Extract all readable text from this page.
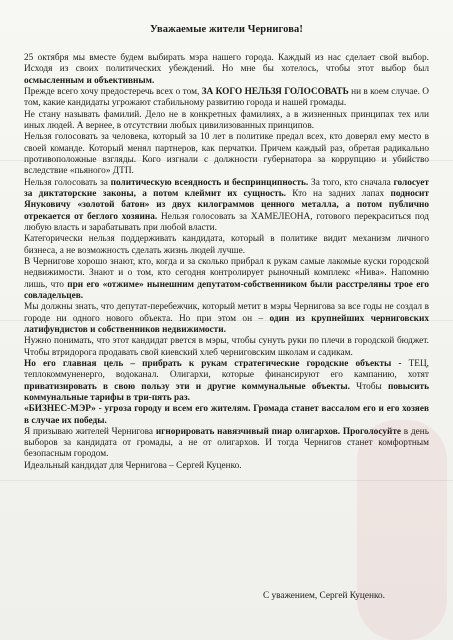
Уважаемые жители Чернигова!

25 октября мы вместе будем выбирать мэра нашего города. Каждый из нас сделает свой выбор. Исходя из своих политических убеждений. Но мне бы хотелось, чтобы этот выбор был осмысленным и объективным.

Прежде всего хочу предостеречь всех о том, ЗА КОГО НЕЛЬЗЯ ГОЛОСОВАТЬ ни в коем случае. О том, какие кандидаты угрожают стабильному развитию города и нашей громады.

Не стану называть фамилий. Дело не в конкретных фамилиях, а в жизненных принципах тех или иных людей. А вернее, в отсутствии любых цивилизованных принципов.

Нельзя голосовать за человека, который за 10 лет в политике предал всех, кто доверял ему место в своей команде. Который менял партнеров, как перчатки. Причем каждый раз, обретая радикально противоположные взгляды. Кого изгнали с должности губернатора за коррупцию и убийство вследствие «пьяного» ДТП.

Нельзя голосовать за политическую всеядность и беспринципность. За того, кто сначала голосует за диктаторские законы, а потом клеймит их сущность. Кто на задних лапах подносит Януковичу «золотой батон» из двух килограммов ценного металла, а потом публично отрекается от беглого хозяина. Нельзя голосовать за ХАМЕЛЕОНА, готового перекраситься под любую власть и зарабатывать при любой власти.

Категорически нельзя поддерживать кандидата, который в политике видит механизм личного бизнеса, а не возможность сделать жизнь людей лучше.

В Чернигове хорошо знают, кто, когда и за сколько прибрал к рукам самые лакомые куски городской недвижимости. Знают и о том, кто сегодня контролирует рыночный комплекс «Нива». Напомню лишь, что при его «отжиме» нынешним депутатом-собственником были расстреляны трое его совладельцев.

Мы должны знать, что депутат-перебежчик, который метит в мэры Чернигова за все годы не создал в городе ни одного нового объекта. Но при этом он – один из крупнейших черниговских латифундистов и собственников недвижимости.

Нужно понимать, что этот кандидат рвется в мэры, чтобы сунуть руки по плечи в городской бюджет. Чтобы втридорога продавать свой киевский хлеб черниговским школам и садикам.

Но его главная цель – прибрать к рукам стратегические городские объекты - ТЕЦ, теплокоммуненерго, водоканал. Олигархи, которые финансируют его кампанию, хотят приватизировать в свою пользу эти и другие коммунальные объекты. Чтобы повысить коммунальные тарифы в три-пять раз.

«БИЗНЕС-МЭР» - угроза городу и всем его жителям. Громада станет вассалом его и его хозяев в случае их победы.

Я призываю жителей Чернигова игнорировать навязчивый пиар олигархов. Проголосуйте в день выборов за кандидата от громады, а не от олигархов. И тогда Чернигов станет комфортным безопасным городом.

Идеальный кандидат для Чернигова – Сергей Куценко.

С уважением, Сергей Куценко.
